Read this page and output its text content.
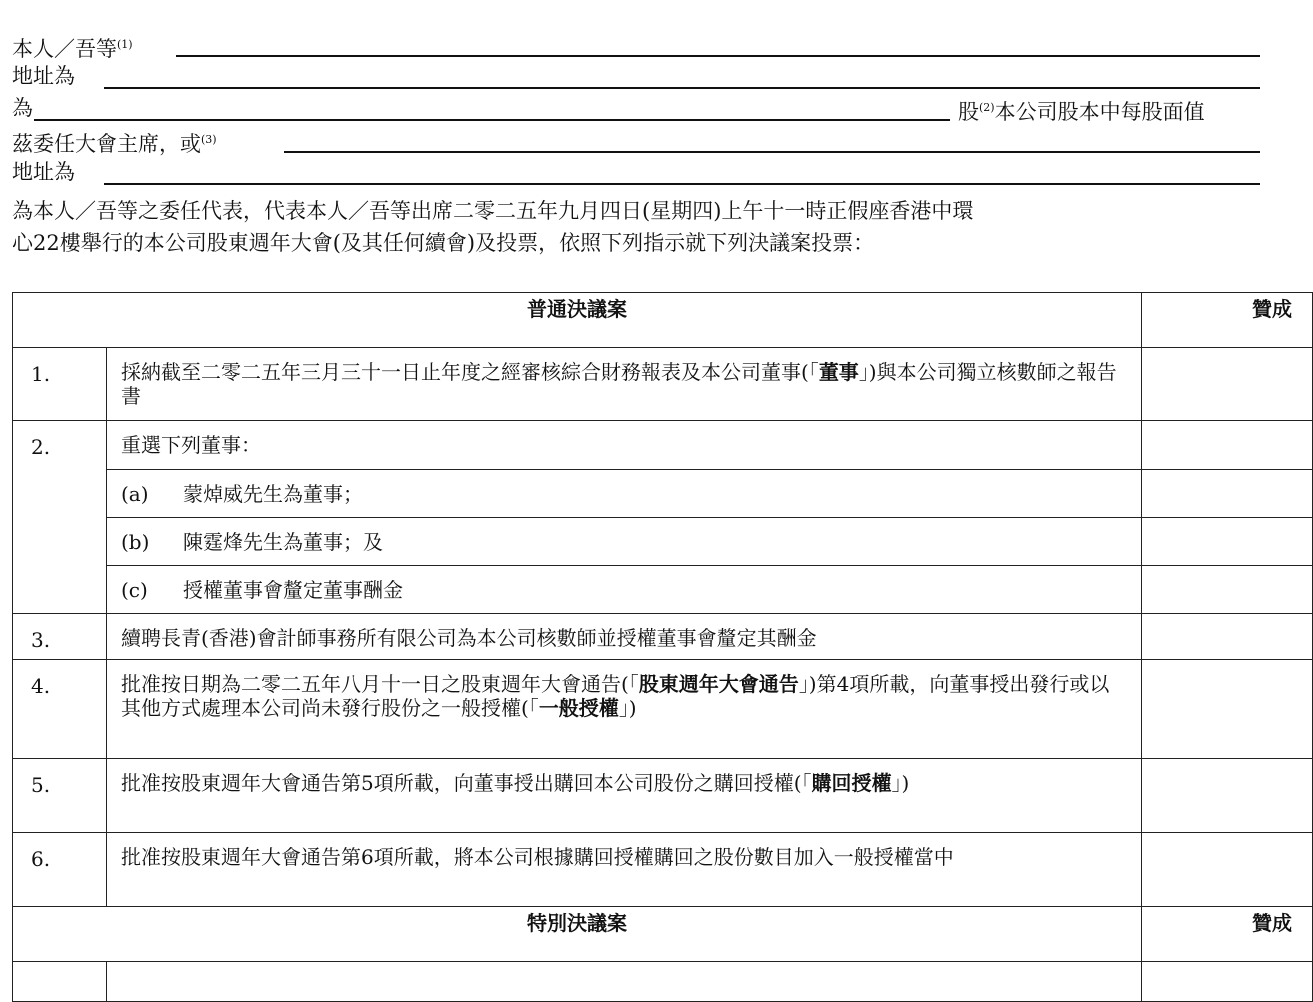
本人／吾等$^{(1)}$
地址為
為	股$^{(2)}$本公司股本中每股面值
茲委任大會主席，或$^{(3)}$
地址為
為本人／吾等之委任代表，代表本人／吾等出席二零二五年九月四日(星期四)上午十一時正假座香港中環
心22樓舉行的本公司股東週年大會(及其任何續會)及投票，依照下列指示就下列決議案投票：
普通決議案		贊成
1.	採納截至二零二五年三月三十一日止年度之經審核綜合財務報表及本公司董事(「董事」)與本公司獨立核數師之報告書	
2.	重選下列董事：	
	(a) 蒙焯威先生為董事；	
	(b) 陳霆烽先生為董事；及	
	(c) 授權董事會釐定董事酬金	
3.	續聘長青(香港)會計師事務所有限公司為本公司核數師並授權董事會釐定其酬金	
4.	批准按日期為二零二五年八月十一日之股東週年大會通告(「股東週年大會通告」)第4項所載，向董事授出發行或以其他方式處理本公司尚未發行股份之一般授權(「一般授權」)	
5.	批准按股東週年大會通告第5項所載，向董事授出購回本公司股份之購回授權(「購回授權」)	
6.	批准按股東週年大會通告第6項所載，將本公司根據購回授權購回之股份數目加入一般授權當中	
特別決議案		贊成
